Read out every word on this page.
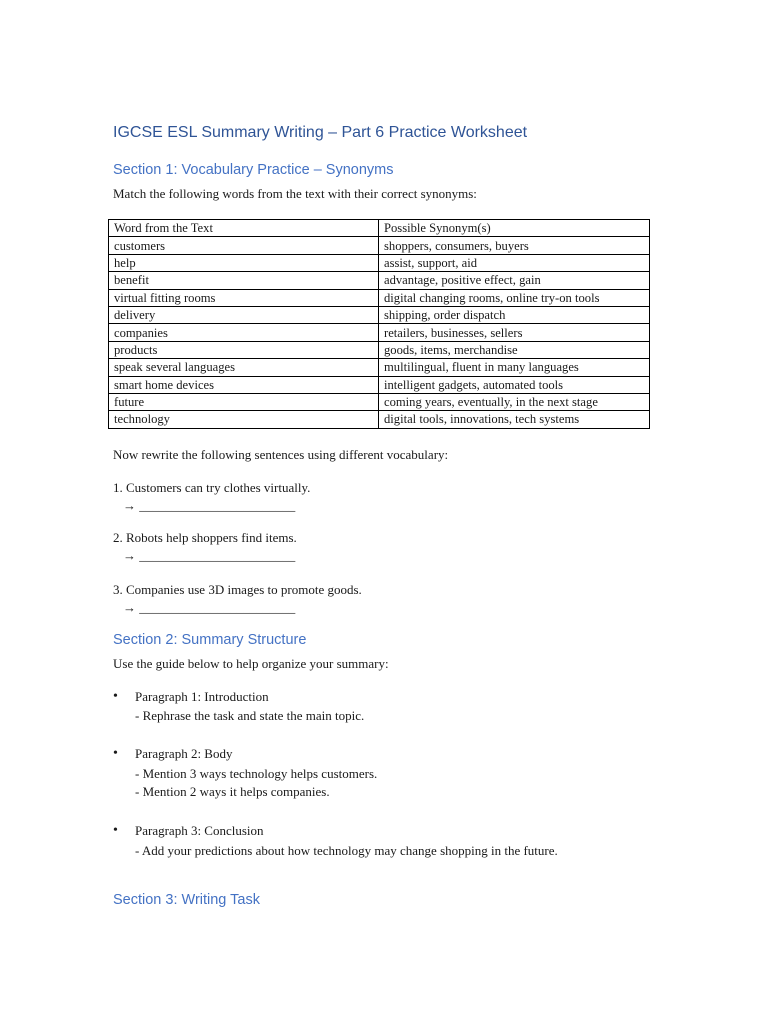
IGCSE ESL Summary Writing – Part 6 Practice Worksheet
Section 1: Vocabulary Practice – Synonyms
Match the following words from the text with their correct synonyms:
Word from the Text	Possible Synonym(s)
customers	shoppers, consumers, buyers
help	assist, support, aid
benefit	advantage, positive effect, gain
virtual fitting rooms	digital changing rooms, online try-on tools
delivery	shipping, order dispatch
companies	retailers, businesses, sellers
products	goods, items, merchandise
speak several languages	multilingual, fluent in many languages
smart home devices	intelligent gadgets, automated tools
future	coming years, eventually, in the next stage
technology	digital tools, innovations, tech systems
Now rewrite the following sentences using different vocabulary:
1. Customers can try clothes virtually.
→ ________________________
2. Robots help shoppers find items.
→ ________________________
3. Companies use 3D images to promote goods.
→ ________________________
Section 2: Summary Structure
Use the guide below to help organize your summary:
• Paragraph 1: Introduction
- Rephrase the task and state the main topic.
• Paragraph 2: Body
- Mention 3 ways technology helps customers.
- Mention 2 ways it helps companies.
• Paragraph 3: Conclusion
- Add your predictions about how technology may change shopping in the future.
Section 3: Writing Task
